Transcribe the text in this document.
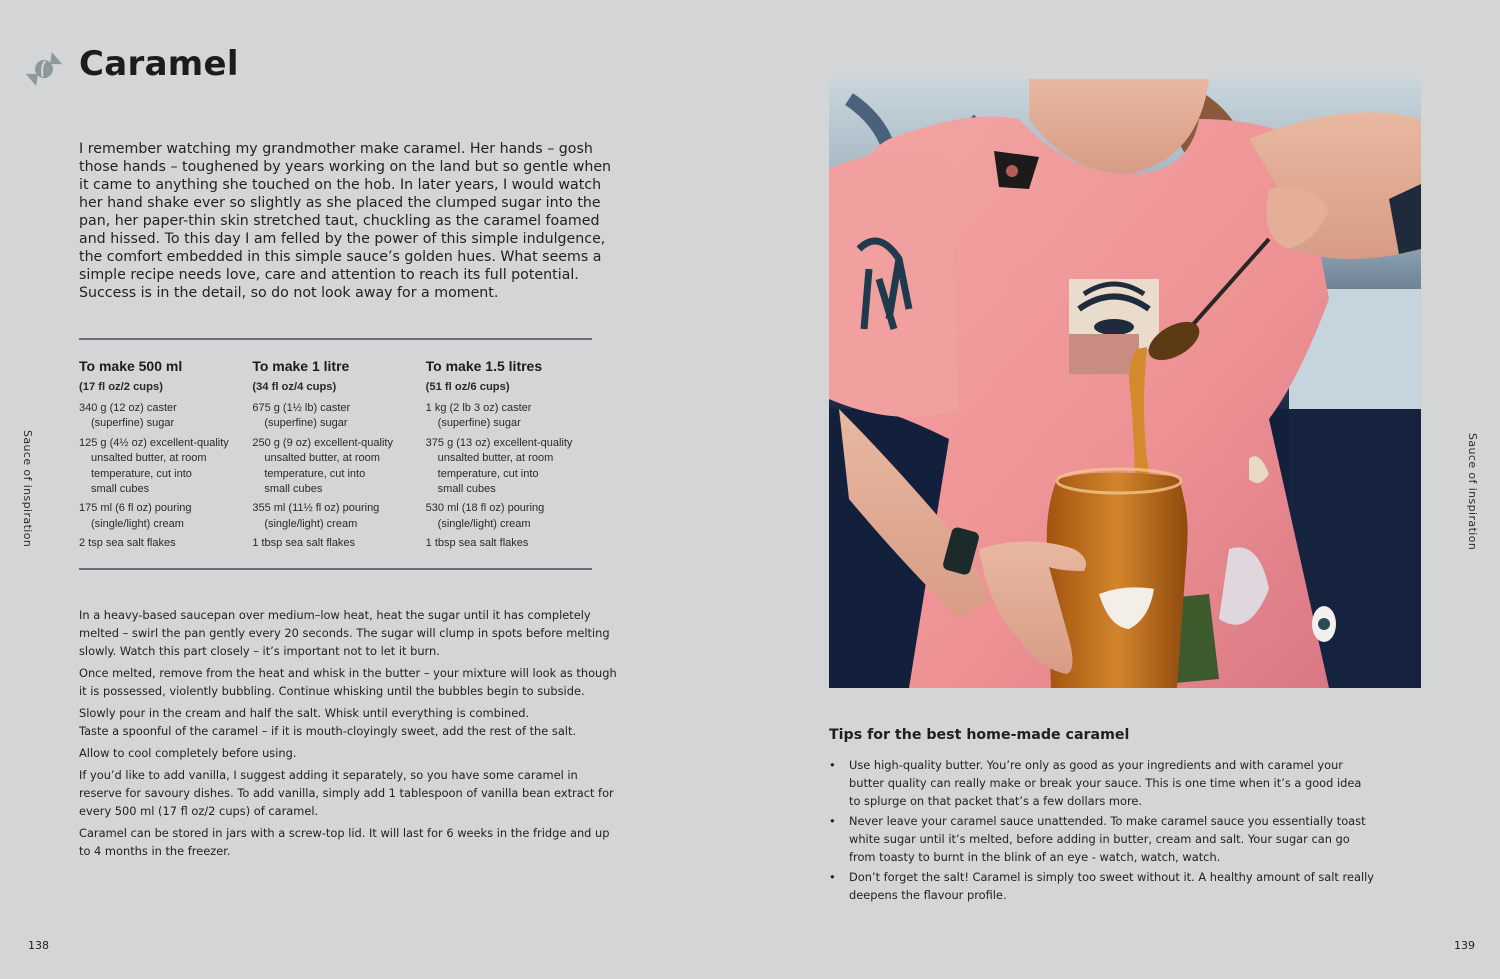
Caramel

I remember watching my grandmother make caramel. Her hands – gosh those hands – toughened by years working on the land but so gentle when it came to anything she touched on the hob. In later years, I would watch her hand shake ever so slightly as she placed the clumped sugar into the pan, her paper-thin skin stretched taut, chuckling as the caramel foamed and hissed. To this day I am felled by the power of this simple indulgence, the comfort embedded in this simple sauce’s golden hues. What seems a simple recipe needs love, care and attention to reach its full potential. Success is in the detail, so do not look away for a moment.

To make 500 ml
(17 fl oz/2 cups)
340 g (12 oz) caster
(superfine) sugar
125 g (4½ oz) excellent-quality
unsalted butter, at room
temperature, cut into
small cubes
175 ml (6 fl oz) pouring
(single/light) cream
2 tsp sea salt flakes
To make 1 litre
(34 fl oz/4 cups)
675 g (1½ lb) caster
(superfine) sugar
250 g (9 oz) excellent-quality
unsalted butter, at room
temperature, cut into
small cubes
355 ml (11½ fl oz) pouring
(single/light) cream
1 tbsp sea salt flakes
To make 1.5 litres
(51 fl oz/6 cups)
1 kg (2 lb 3 oz) caster
(superfine) sugar
375 g (13 oz) excellent-quality
unsalted butter, at room
temperature, cut into
small cubes
530 ml (18 fl oz) pouring
(single/light) cream
1 tbsp sea salt flakes

In a heavy-based saucepan over medium–low heat, heat the sugar until it has completely melted – swirl the pan gently every 20 seconds. The sugar will clump in spots before melting slowly. Watch this part closely – it’s important not to let it burn.

Once melted, remove from the heat and whisk in the butter – your mixture will look as though it is possessed, violently bubbling. Continue whisking until the bubbles begin to subside.

Slowly pour in the cream and half the salt. Whisk until everything is combined.

Taste a spoonful of the caramel – if it is mouth-cloyingly sweet, add the rest of the salt.

Allow to cool completely before using.

If you’d like to add vanilla, I suggest adding it separately, so you have some caramel in reserve for savoury dishes. To add vanilla, simply add 1 tablespoon of vanilla bean extract for every 500 ml (17 fl oz/2 cups) of caramel.

Caramel can be stored in jars with a screw-top lid. It will last for 6 weeks in the fridge and up to 4 months in the freezer.

Sauce of inspiration
138
Tips for the best home-made caramel
• Use high-quality butter. You’re only as good as your ingredients and with caramel your butter quality can really make or break your sauce. This is one time when it’s a good idea to splurge on that packet that’s a few dollars more.
• Never leave your caramel sauce unattended. To make caramel sauce you essentially toast white sugar until it’s melted, before adding in butter, cream and salt. Your sugar can go from toasty to burnt in the blink of an eye - watch, watch, watch.
• Don’t forget the salt! Caramel is simply too sweet without it. A healthy amount of salt really deepens the flavour profile.
Sauce of inspiration
139
